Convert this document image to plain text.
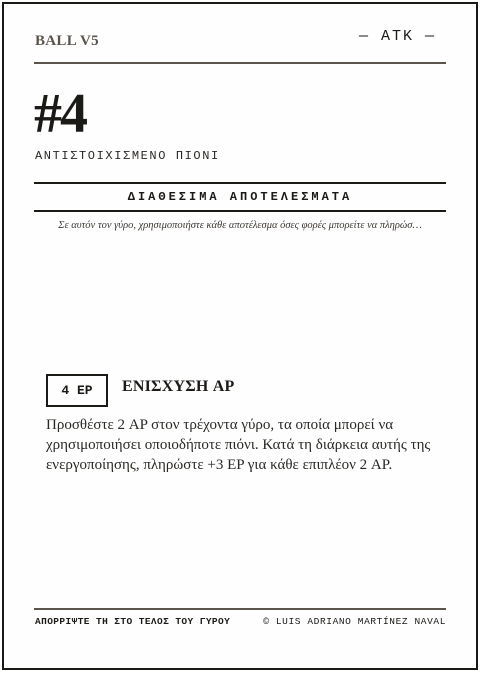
BALL V5	— ATK —
#4
ΑΝΤΙΣΤΟΙΧΙΣΜΕΝΟ ΠΙΟΝΙ
ΔΙΑΘΕΣΙΜΑ ΑΠΟΤΕΛΕΣΜΑΤΑ
Σε αυτόν τον γύρο, χρησιμοποιήστε κάθε αποτέλεσμα όσες φορές μπορείτε να πληρώσ…
4 EP	ΕΝΙΣΧΥΣΗ AP
Προσθέστε 2 AP στον τρέχοντα γύρο, τα οποία μπορεί να χρησιμοποιήσει οποιοδήποτε πιόνι. Κατά τη διάρκεια αυτής της ενεργοποίησης, πληρώστε +3 EP για κάθε επιπλέον 2 AP.
ΑΠΟΡΡΙΨΤΕ ΤΗ ΣΤΟ ΤΕΛΟΣ ΤΟΥ ΓΥΡΟΥ	© LUIS ADRIANO MARTÍNEZ NAVAL
